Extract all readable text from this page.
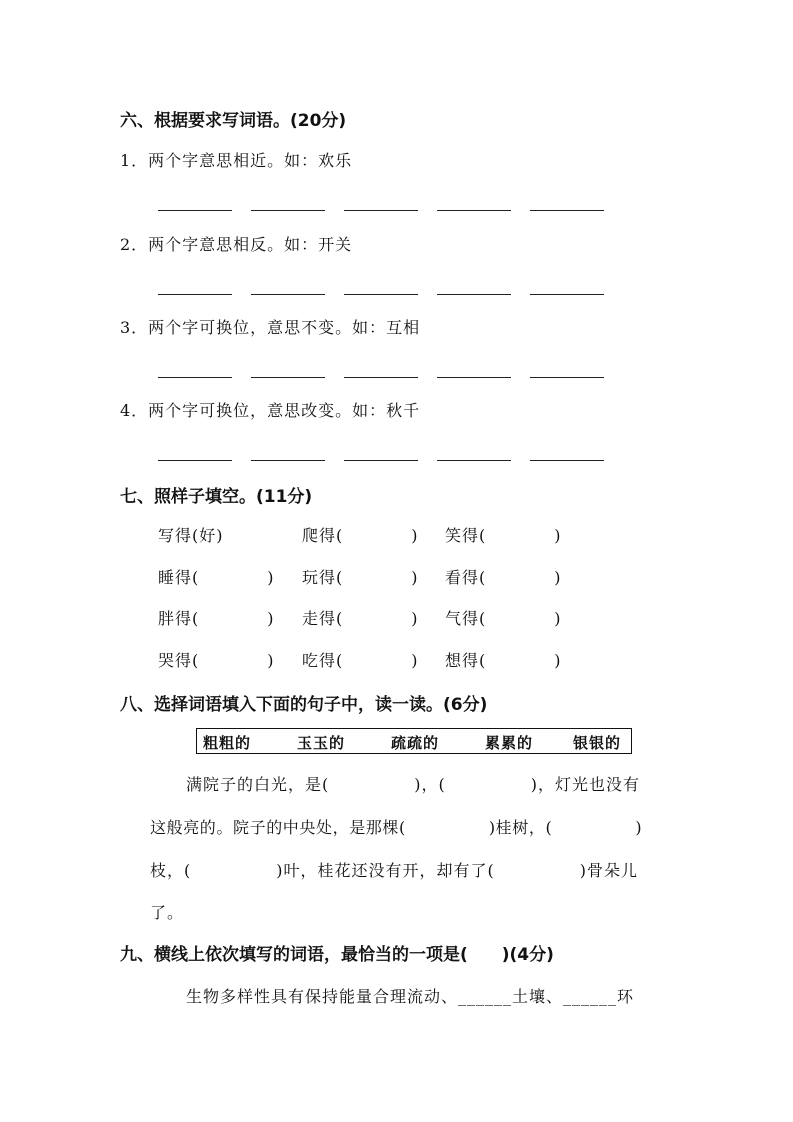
六、根据要求写词语。(20分)
1．两个字意思相近。如：欢乐
2．两个字意思相反。如：开关
3．两个字可换位，意思不变。如：互相
4．两个字可换位，意思改变。如：秋千
七、照样子填空。(11分)
写得(好)	爬得(　　　　) 笑得(　　　　)
睡得(　　　　) 玩得(　　　　) 看得(　　　　)
胖得(　　　　) 走得(　　　　) 气得(　　　　)
哭得(　　　　) 吃得(　　　　) 想得(　　　　)
八、选择词语填入下面的句子中，读一读。(6分)
粗粗的	玉玉的	疏疏的	累累的	银银的
满院子的白光，是(　　　　　)，(　　　　　)，灯光也没有
这般亮的。院子的中央处，是那棵(　　　　　)桂树，(　　　　　)
枝，(　　　　　)叶，桂花还没有开，却有了(　　　　　)骨朵儿
了。
九、横线上依次填写的词语，最恰当的一项是(　　)(4分)
生物多样性具有保持能量合理流动、______土壤、______环
